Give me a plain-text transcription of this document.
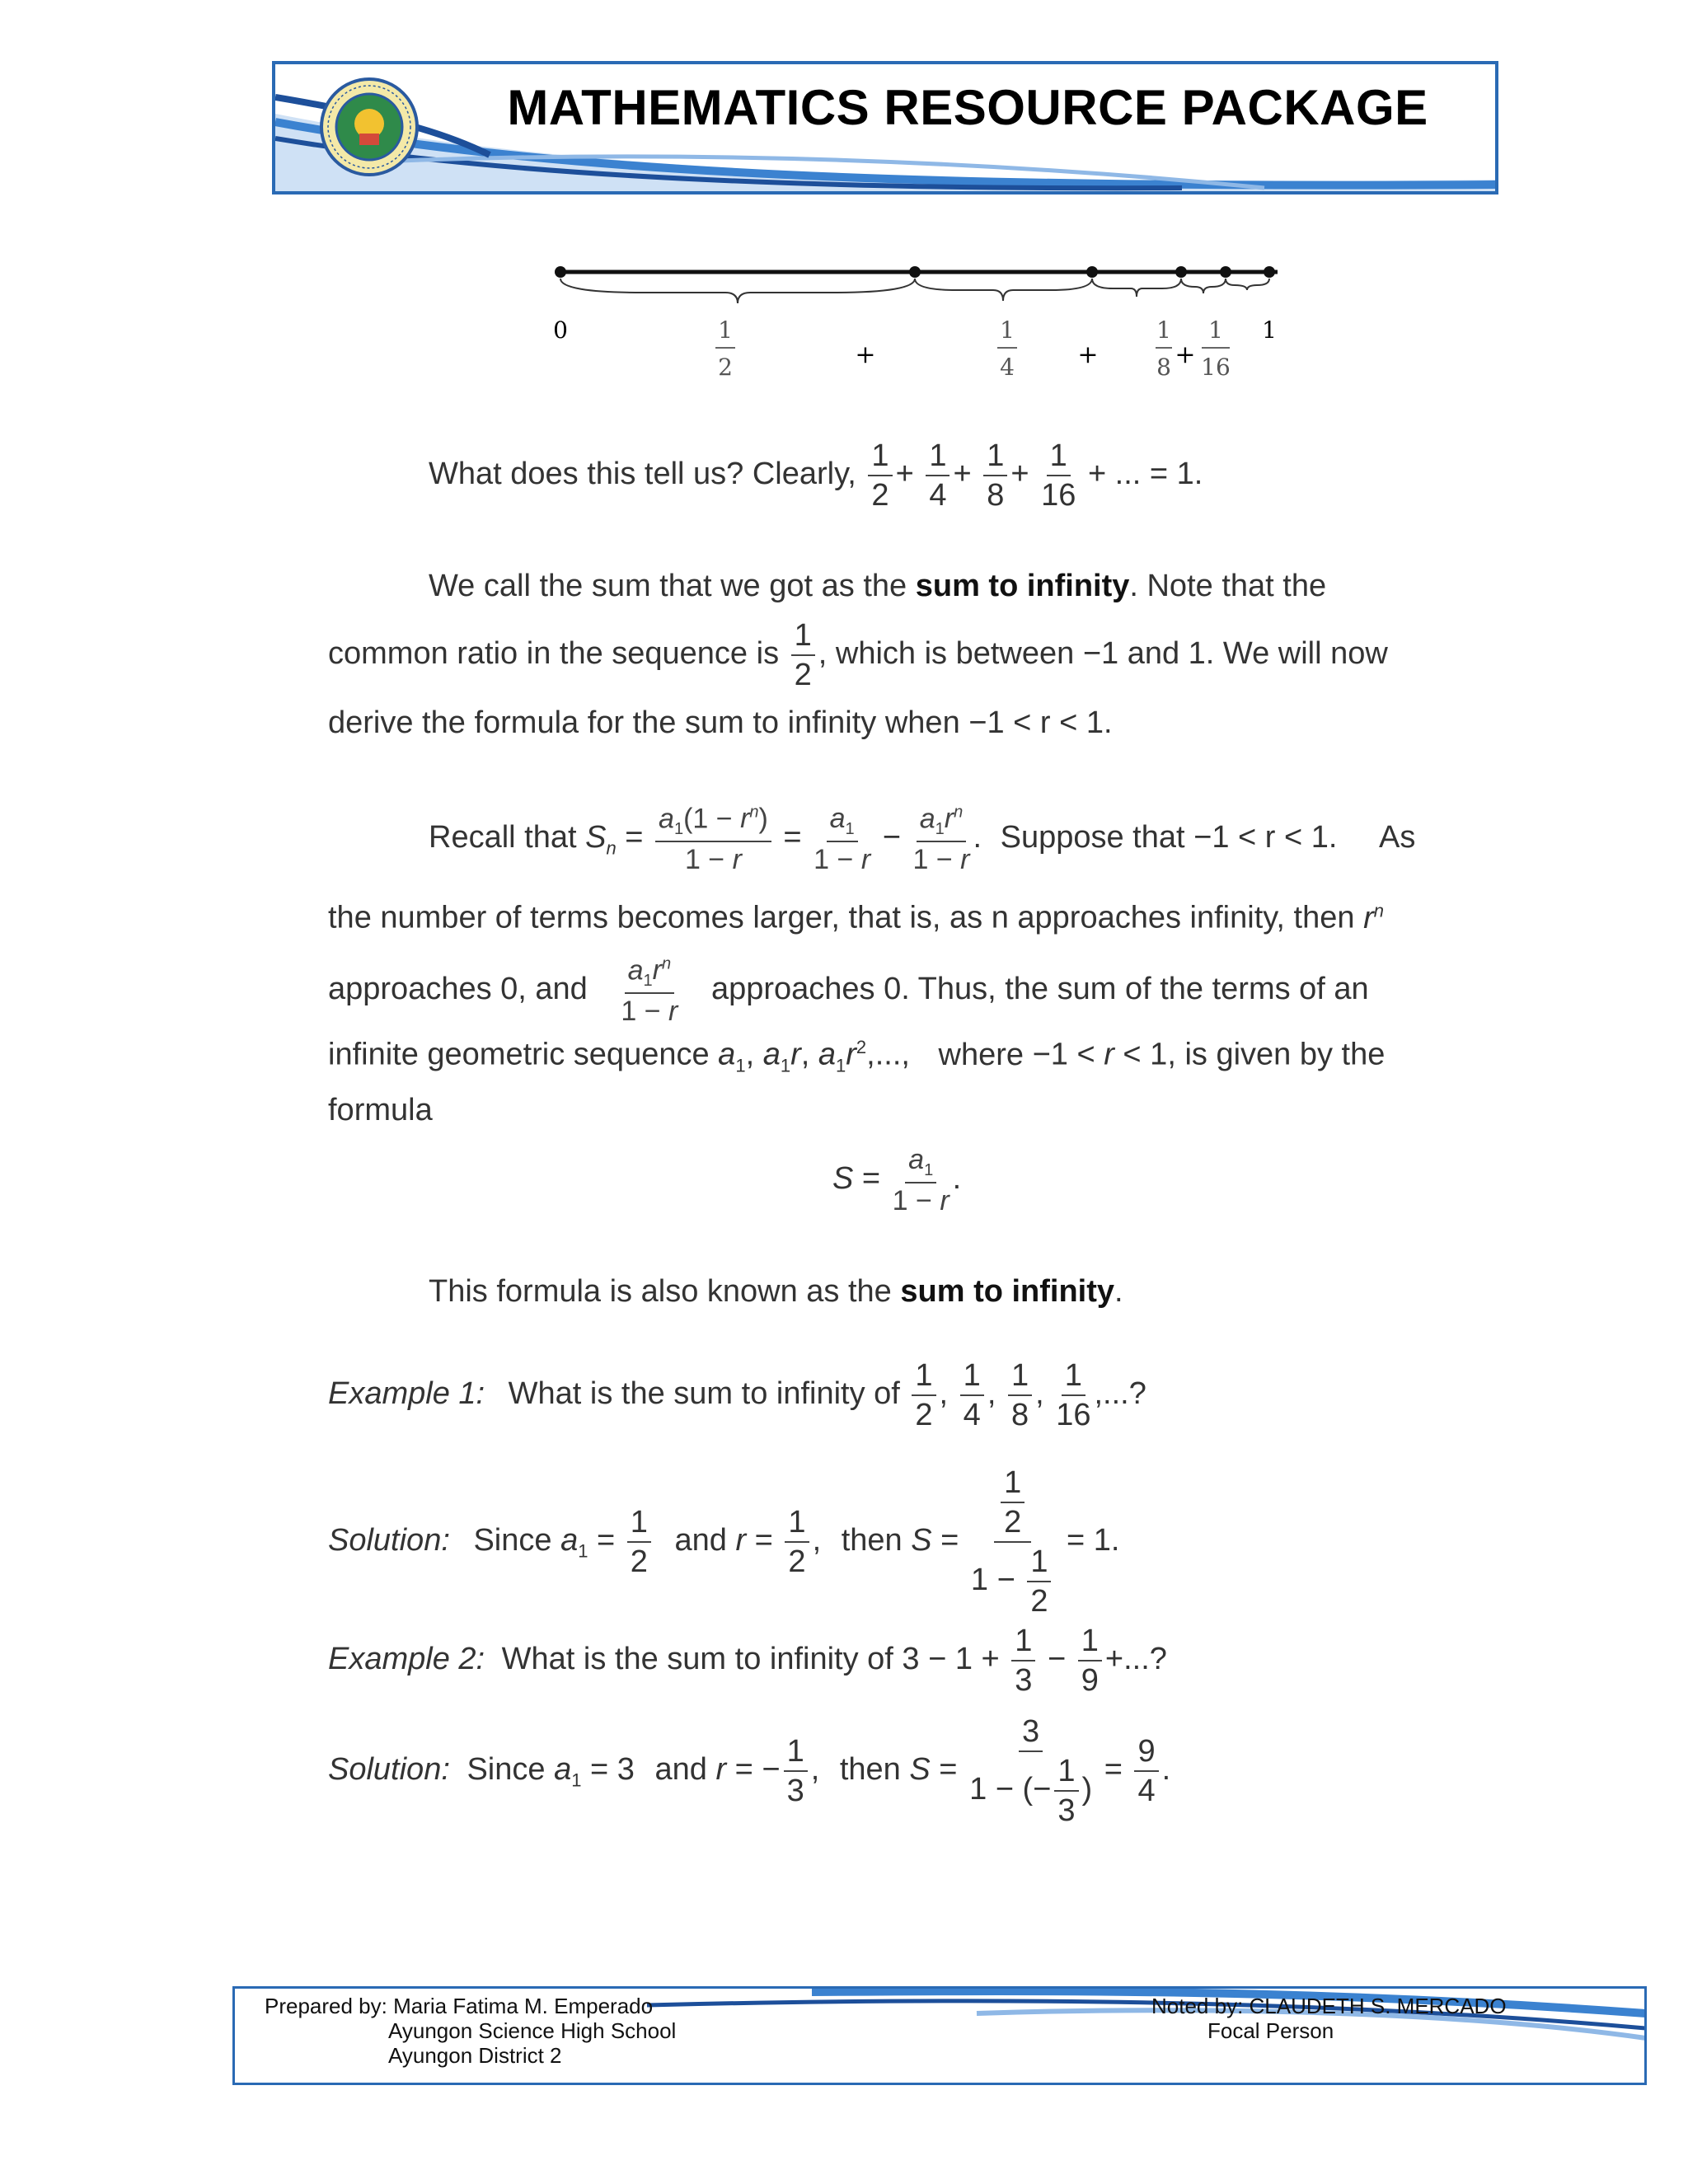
MATHEMATICS RESOURCE PACKAGE
0	1
2	+
1
4	+
1
8 +
1
16
1
What does this tell us? Clearly, $\frac{1}{2} + \frac{1}{4} + \frac{1}{8} + \frac{1}{16}$ + ... = 1.
We call the sum that we got as the sum to infinity. Note that the
common ratio in the sequence is $\frac{1}{2}$ , which is between −1 and 1. We will now
derive the formula for the sum to infinity when −1 < r < 1.
Recall that $S_n = \frac{a_1(1 - r^n)}{1 - r} = \frac{a_1}{1 - r} - \frac{a_1r^n}{1 - r}$ . Suppose that −1 < r < 1. As
the number of terms becomes larger, that is, as n approaches infinity, then $r^n$
approaches 0, and $\frac{a_1r^n}{1 - r}$ approaches 0. Thus, the sum of the terms of an
infinite geometric sequence $a_1$, $a_1r$, $a_1r^2$,..., where −1 < r < 1, is given by the
formula
$S = \frac{a_1}{1 - r}$ .
This formula is also known as the sum to infinity.
Example 1: What is the sum to infinity of $\frac{1}{2}$ , $\frac{1}{4}$ , $\frac{1}{8}$ , $\frac{1}{16}$ ,...?
Solution: Since $a_1 = \frac{1}{2}$ and $r = \frac{1}{2}$ , then $S = \frac{\frac{1}{2}}{1 - \frac{1}{2}} = 1$.
Example 2: What is the sum to infinity of $3 - 1 + \frac{1}{3} - \frac{1}{9}$ +...?
Solution: Since $a_1 = 3$ and r = − $\frac{1}{3}$ , then $S = \frac{3}{1 - (- \frac{1}{3} )} = \frac{9}{4}$ .
Prepared by: Maria Fatima M. Emperado
Ayungon Science High School
Ayungon District 2
Noted by: CLAUDETH S. MERCADO
Focal Person
